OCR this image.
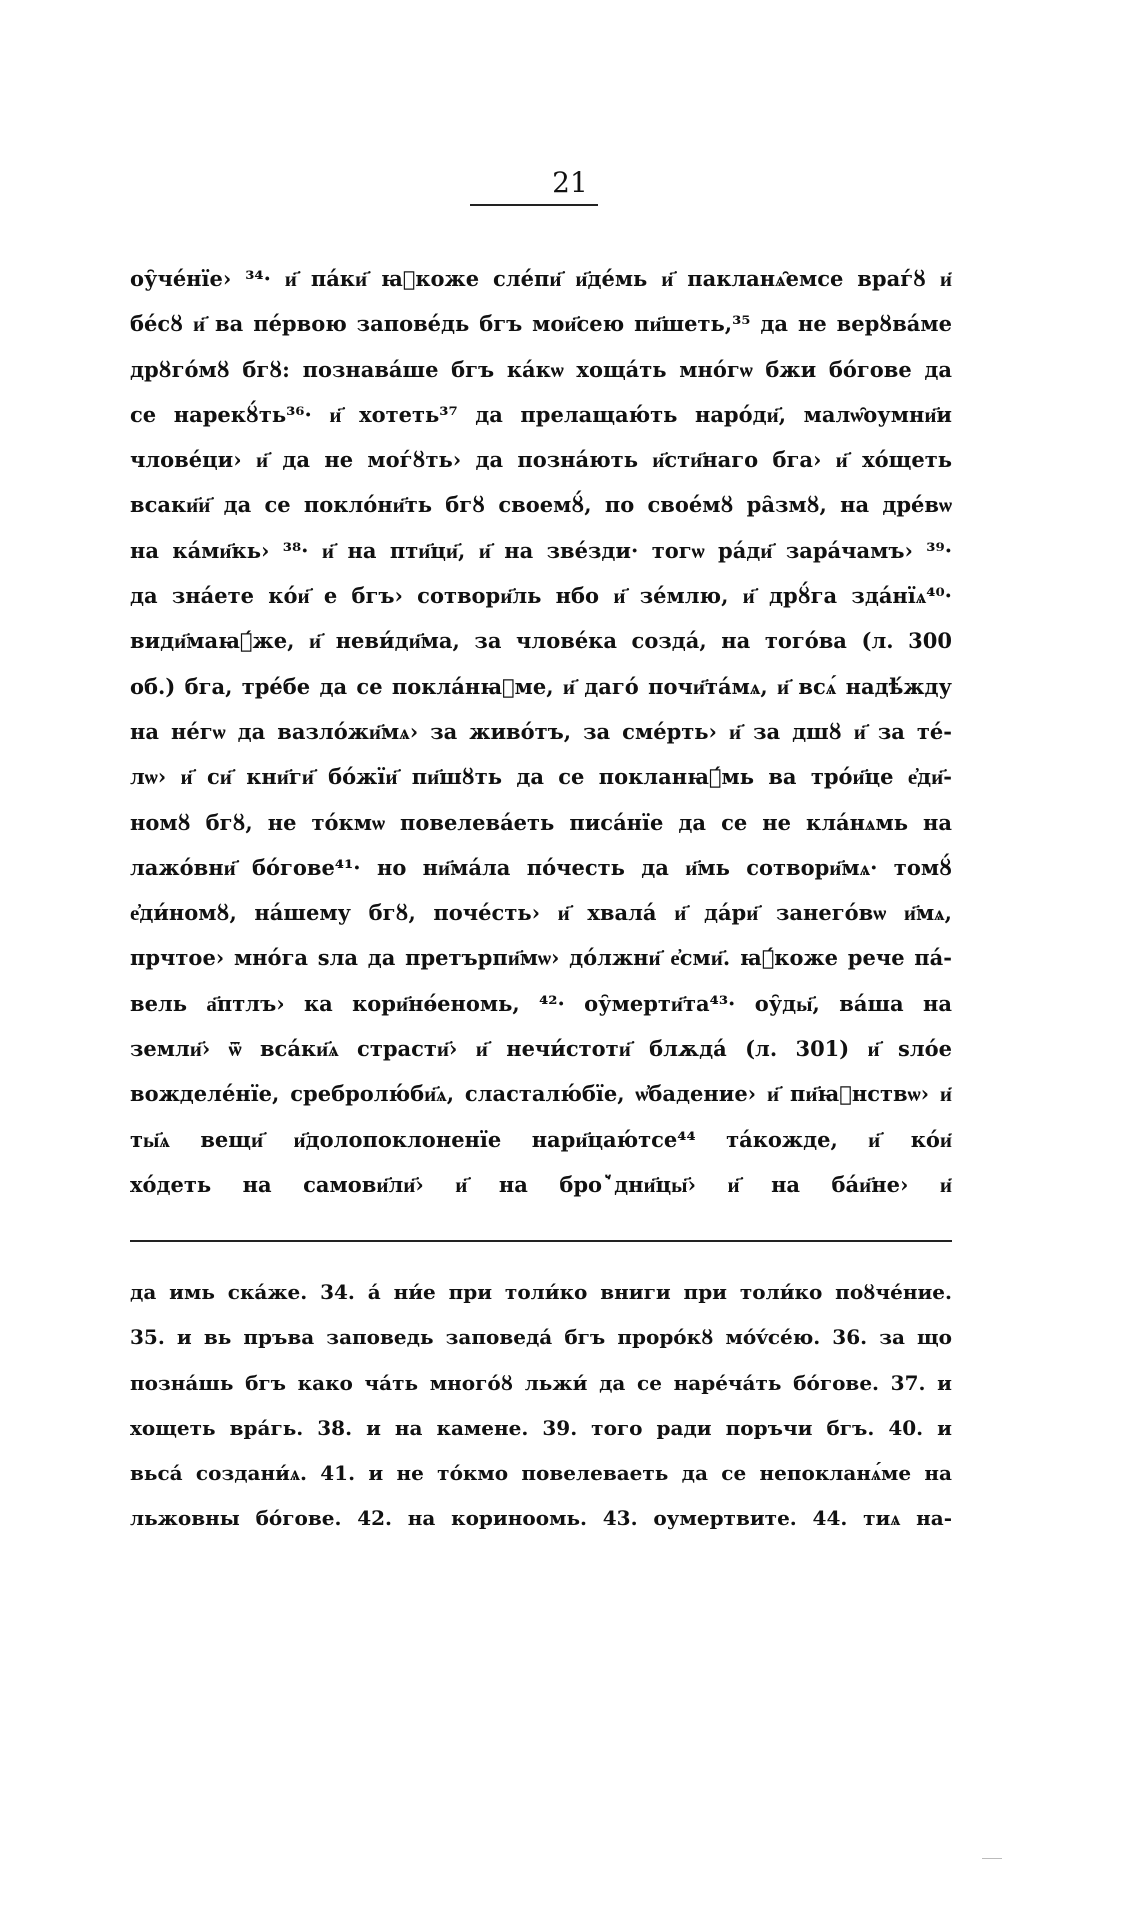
21
оу̑че́нїе› ³⁴· и҃ па́ки҃ ꙗ҆коже сле́пи҃ и҃де́мь и҃ пакланѧ̑емсе враѓȣ и҃
бе́сȣ и҃ ва пе́рвою запове́дь бгъ мои҃сею пи҃шеть,³⁵ да не верȣва́ме
дрȣго́мȣ бгȣ: познава́ше бгъ ка́кѡ хоща́ть мно́гѡ бжи бо́гове да
се нарекȣ́ть³⁶· и҃ хотеть³⁷ да прелащаю́ть наро́ди҃, малѡ̑оумни҃и
члове́ци› и҃ да не моѓȣть› да позна́ють и҃сти҃наго бга› и҃ хо́щеть
всаки҃и҃ да се покло́ни҃ть бгȣ своемȣ́, по свое́мȣ ра̑змȣ, на дре́вѡ
на ка́ми҃кь› ³⁸· и҃ на пти҃ци҃, и҃ на зве́зди· тогѡ ра́ди҃ зара́чамъ› ³⁹·
да зна́ете ко́и҃ е бгъ› сотвори҃ль нбо и҃ зе́млю, и҃ дрȣ́га зда́нїѧ⁴⁰·
види҃маꙗ҆́же, и҃ неви́ди҃ма, за члове́ка созда́, на того́ва (л. 300
об.) бга, тре́бе да се покла́нꙗ҆ме, и҃ даго́ почи҃та́мѧ, и҃ всѧ́ надѣ́жду
на не́гѡ да вазло́жи҃мѧ› за живо́тъ, за сме́рть› и҃ за дшȣ и҃ за те́-
лѡ› и҃ си҃ кни҃ги҃ бо́жїи҃ пи҃шȣть да се покланꙗ҆́мь ва тро́и҃це е҆ди҃-
номȣ бгȣ, не то́кмѡ повелева́еть писа́нїе да се не кла́нѧмь на
лажо́вни҃ бо́гове⁴¹· но ни҃ма́ла по́честь да и҃мь сотвори҃мѧ· томȣ́
е҆ди́номȣ, на́шему бгȣ, поче́сть› и҃ хвала́ и҃ да́ри҃ занего́вѡ и҃мѧ,
прчтое› мно́га ѕла да претърпи҃мѡ› до́лжни҃ е҆сми҃. ꙗ҆́коже рече па́-
вель а҃птлъ› ка кори҃нѳ́еномь, ⁴²· оу̑мерти҃та⁴³· оу̑ды҃, ва́ша на
земли҃› ѿ вса́ки҃ѧ страсти҃› и҃ нечи́стоти҃ блѫда́ (л. 301) и҃ ѕло́е
вожделе́нїе, сребролю́би҃ѧ, сласталю́бїе, ѡ҆бадение› и҃ пи҃ꙗ҆нствѡ› и҃
ты҃ѧ вещи҃ и҃долопоклоненїе нари҃цаю́тсе⁴⁴ та́кожде, и҃ ко́и҃
хо́деть на самови҃ли҃› и҃ на броꙿдни҃цы҃› и҃ на ба́и҃не› и҃
да имь ска́же. 34. а́ ни́е при толи́ко вниги при толи́ко поȣче́ние.
35. и вь пръва заповедь заповеда́ бгъ проро́кȣ мо́v́се́ю. 36. за що
позна́шь бгъ како ча́ть много́ȣ льжи́ да се наре́ча́ть бо́гове. 37. и
хощеть вра́гь. 38. и на камене. 39. того ради поръчи бгъ. 40. и
вьса́ создани́ѧ. 41. и не то́кмо повелеваеть да се непокланѧ́ме на
льжовны бо́гове. 42. на кориноомь. 43. оумертвите. 44. тиѧ на-
